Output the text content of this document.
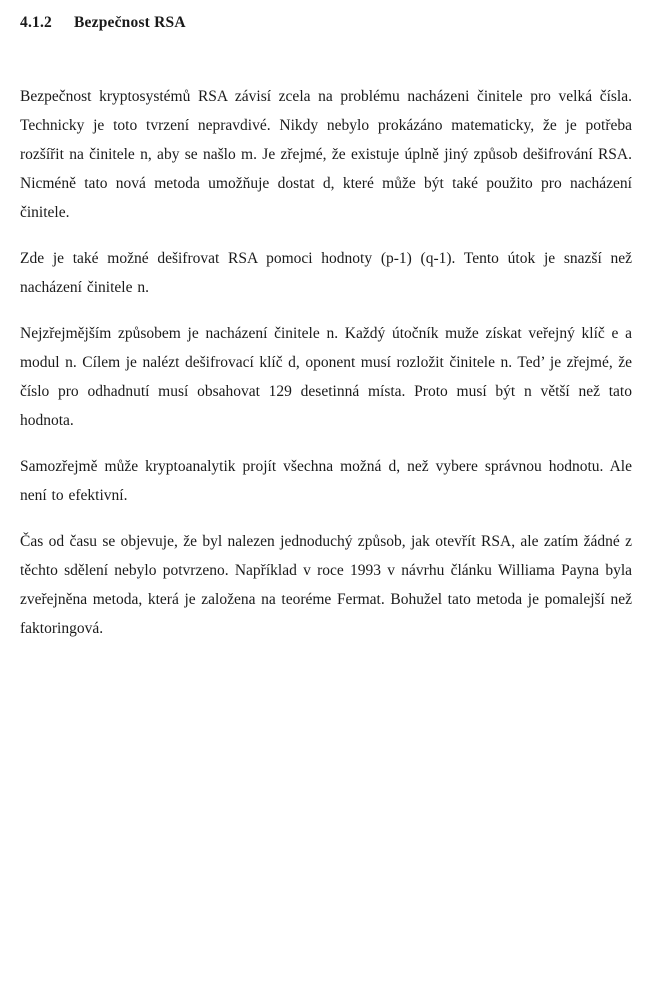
4.1.2 Bezpečnost RSA

Bezpečnost kryptosystémů RSA závisí zcela na problému nacházeni činitele pro velká čísla. Technicky je toto tvrzení nepravdivé. Nikdy nebylo prokázáno matematicky, že je potřeba rozšířit na činitele n, aby se našlo m. Je zřejmé, že existuje úplně jiný způsob dešifrování RSA. Nicméně tato nová metoda umožňuje dostat d, které může být také použito pro nacházení činitele.

Zde je také možné dešifrovat RSA pomoci hodnoty (p-1) (q-1). Tento útok je snazší než nacházení činitele n.

Nejzřejmějším způsobem je nacházení činitele n. Každý útočník muže získat veřejný klíč e a modul n. Cílem je nalézt dešifrovací klíč d, oponent musí rozložit činitele n. Ted’ je zřejmé, že číslo pro odhadnutí musí obsahovat 129 desetinná místa. Proto musí být n větší než tato hodnota.

Samozřejmě může kryptoanalytik projít všechna možná d, než vybere správnou hodnotu. Ale není to efektivní.

Čas od času se objevuje, že byl nalezen jednoduchý způsob, jak otevřít RSA, ale zatím žádné z těchto sdělení nebylo potvrzeno. Například v roce 1993 v návrhu článku Williama Payna byla zveřejněna metoda, která je založena na teoréme Fermat. Bohužel tato metoda je pomalejší než faktoringová.
